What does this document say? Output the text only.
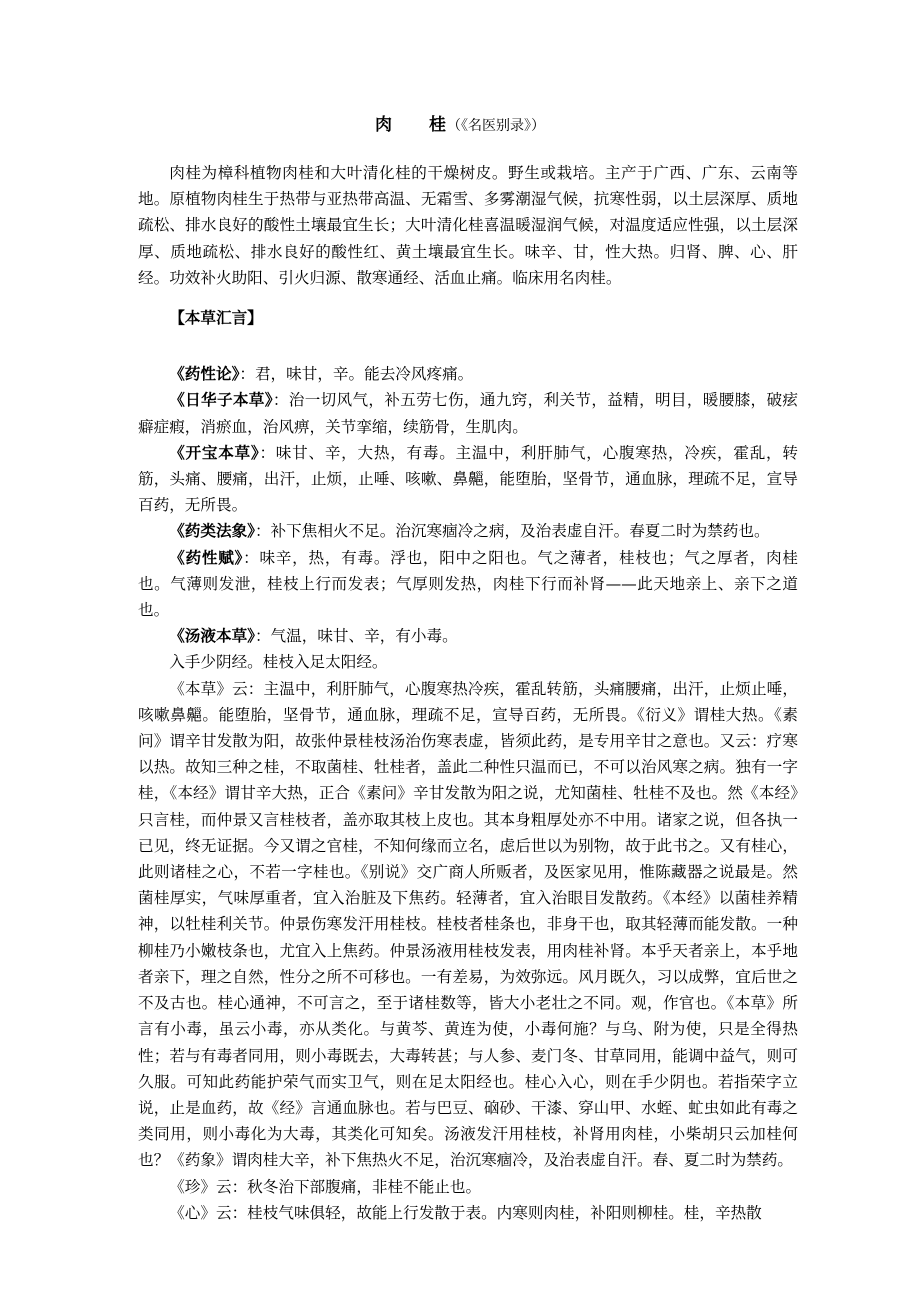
肉　　桂（《名医别录》）

肉桂为樟科植物肉桂和大叶清化桂的干燥树皮。野生或栽培。主产于广西、广东、云南等地。原植物肉桂生于热带与亚热带高温、无霜雪、多雾潮湿气候，抗寒性弱，以土层深厚、质地疏松、排水良好的酸性土壤最宜生长；大叶清化桂喜温暖湿润气候，对温度适应性强，以土层深厚、质地疏松、排水良好的酸性红、黄土壤最宜生长。味辛、甘，性大热。归肾、脾、心、肝经。功效补火助阳、引火归源、散寒通经、活血止痛。临床用名肉桂。

【本草汇言】

《药性论》：君，味甘，辛。能去冷风疼痛。

《日华子本草》：治一切风气，补五劳七伤，通九窍，利关节，益精，明目，暖腰膝，破痃癖症瘕，消瘀血，治风痹，关节挛缩，续筋骨，生肌肉。

《开宝本草》：味甘、辛，大热，有毒。主温中，利肝肺气，心腹寒热，冷疾，霍乱，转筋，头痛、腰痛，出汗，止烦，止唾、咳嗽、鼻齆，能堕胎，坚骨节，通血脉，理疏不足，宣导百药，无所畏。

《药类法象》：补下焦相火不足。治沉寒痼冷之病，及治表虚自汗。春夏二时为禁药也。

《药性赋》：味辛，热，有毒。浮也，阳中之阳也。气之薄者，桂枝也；气之厚者，肉桂也。气薄则发泄，桂枝上行而发表；气厚则发热，肉桂下行而补肾——此天地亲上、亲下之道也。

《汤液本草》：气温，味甘、辛，有小毒。

入手少阴经。桂枝入足太阳经。

《本草》云：主温中，利肝肺气，心腹寒热冷疾，霍乱转筋，头痛腰痛，出汗，止烦止唾，咳嗽鼻齆。能堕胎，坚骨节，通血脉，理疏不足，宣导百药，无所畏。《衍义》谓桂大热。《素问》谓辛甘发散为阳，故张仲景桂枝汤治伤寒表虚，皆须此药，是专用辛甘之意也。又云：疗寒以热。故知三种之桂，不取菌桂、牡桂者，盖此二种性只温而已，不可以治风寒之病。独有一字桂，《本经》谓甘辛大热，正合《素问》辛甘发散为阳之说，尤知菌桂、牡桂不及也。然《本经》只言桂，而仲景又言桂枝者，盖亦取其枝上皮也。其本身粗厚处亦不中用。诸家之说，但各执一已见，终无证据。今又谓之官桂，不知何缘而立名，虑后世以为别物，故于此书之。又有桂心，此则诸桂之心，不若一字桂也。《别说》交广商人所贩者，及医家见用，惟陈藏器之说最是。然菌桂厚实，气味厚重者，宜入治脏及下焦药。轻薄者，宜入治眼目发散药。《本经》以菌桂养精神，以牡桂利关节。仲景伤寒发汗用桂枝。桂枝者桂条也，非身干也，取其轻薄而能发散。一种柳桂乃小嫩枝条也，尤宜入上焦药。仲景汤液用桂枝发表，用肉桂补肾。本乎天者亲上，本乎地者亲下，理之自然，性分之所不可移也。一有差易，为效弥远。风月既久，习以成弊，宜后世之不及古也。桂心通神，不可言之，至于诸桂数等，皆大小老壮之不同。观，作官也。《本草》所言有小毒，虽云小毒，亦从类化。与黄芩、黄连为使，小毒何施？与乌、附为使，只是全得热性；若与有毒者同用，则小毒既去，大毒转甚；与人参、麦门冬、甘草同用，能调中益气，则可久服。可知此药能护荣气而实卫气，则在足太阳经也。桂心入心，则在手少阴也。若指荣字立说，止是血药，故《经》言通血脉也。若与巴豆、硇砂、干漆、穿山甲、水蛭、虻虫如此有毒之类同用，则小毒化为大毒，其类化可知矣。汤液发汗用桂枝，补肾用肉桂，小柴胡只云加桂何也？《药象》谓肉桂大辛，补下焦热火不足，治沉寒痼冷，及治表虚自汗。春、夏二时为禁药。

《珍》云：秋冬治下部腹痛，非桂不能止也。

《心》云：桂枝气味俱轻，故能上行发散于表。内寒则肉桂，补阳则柳桂。桂，辛热散
